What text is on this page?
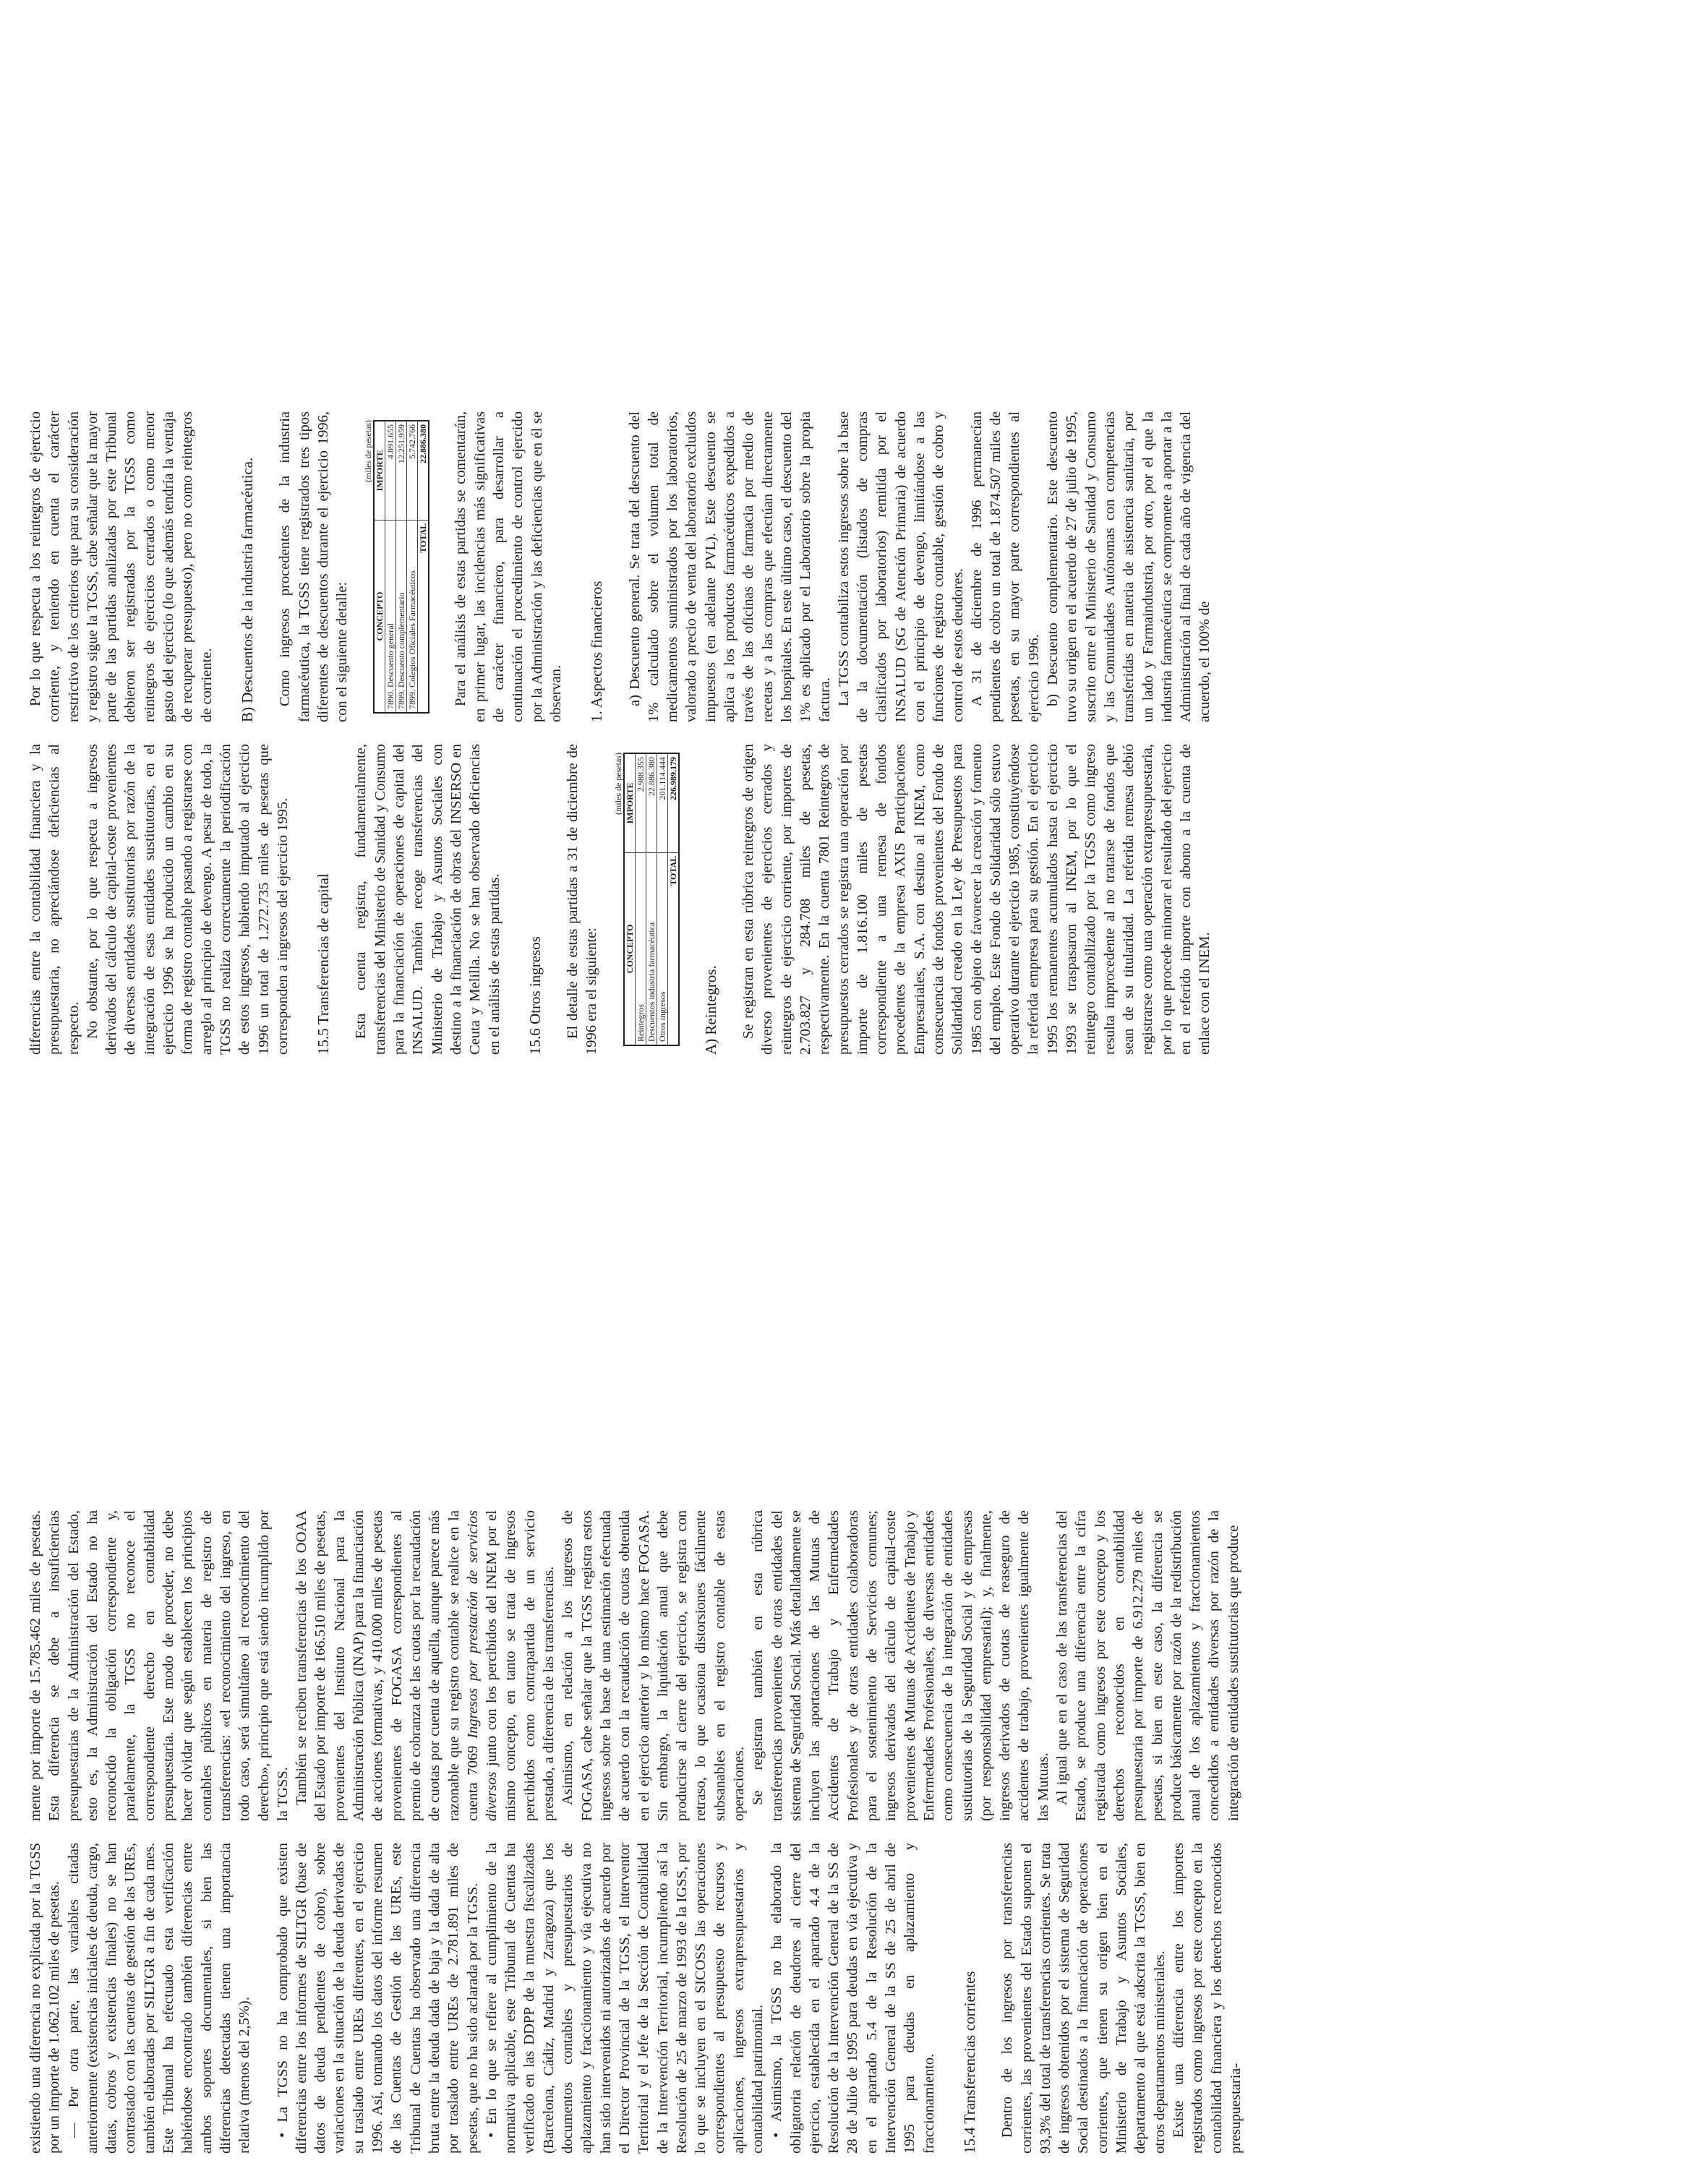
existiendo una diferencia no explicada por la TGSS por un importe de 1.062.102 miles de pesetas. — Por otra parte, las variables citadas anteriormente (existencias iniciales de deuda, cargo, datas, cobros y existencias finales) no se han contrastado con las cuentas de gestión de las UREs, también elaboradas por SILTGR a fin de cada mes. Este Tribunal ha efectuado esta verificación habiéndose encontrado también diferencias entre ambos soportes documentales, si bien las diferencias detectadas tienen una importancia relativa (menos del 2,5%). • La TGSS no ha comprobado que existen diferencias entre los informes de SILTGR (base de datos de deuda pendientes de cobro), sobre variaciones en la situación de la deuda derivadas de su traslado entre UREs diferentes, en el ejercicio 1996. Así, tomando los datos del informe resumen de las Cuentas de Gestión de las UREs, este Tribunal de Cuentas ha observado una diferencia bruta entre la deuda dada de baja y la dada de alta por traslado entre UREs de 2.781.891 miles de pesetas, que no ha sido aclarada por la TGSS. • En lo que se refiere al cumplimiento de la normativa aplicable, este Tribunal de Cuentas ha verificado en las DDPP de la muestra fiscalizadas (Barcelona, Cádiz, Madrid y Zaragoza) que los documentos contables y presupuestarios de aplazamiento y fraccionamiento y vía ejecutiva no han sido intervenidos ni autorizados de acuerdo por el Director Provincial de la TGSS, el Interventor Territorial y el Jefe de la Sección de Contabilidad de la Intervención Territorial, incumpliendo así la Resolución de 25 de marzo de 1993 de la IGSS, por lo que se incluyen en el SICOSS las operaciones correspondientes al presupuesto de recursos y aplicaciones, ingresos extrapresupuestarios y contabilidad patrimonial. • Asimismo, la TGSS no ha elaborado la obligatoria relación de deudores al cierre del ejercicio, establecida en el apartado 4.4 de la Resolución de la Intervención General de la SS de 28 de Julio de 1995 para deudas en vía ejecutiva y en el apartado 5.4 de la Resolución de la Intervención General de la SS de 25 de abril de 1995 para deudas en aplazamiento y fraccionamiento. 15.4 Transferencias corrientes Dentro de los ingresos por transferencias corrientes, las provenientes del Estado suponen el 93,3% del total de transferencias corrientes. Se trata de ingresos obtenidos por el sistema de Seguridad Social destinados a la financiación de operaciones corrientes, que tienen su origen bien en el Ministerio de Trabajo y Asuntos Sociales, departamento al que está adscrita la TGSS, bien en otros departamentos ministeriales. Existe una diferencia entre los importes registrados como ingresos por este concepto en la contabilidad financiera y los derechos reconocidos presupuestaria-

mente por importe de 15.785.462 miles de pesetas. Esta diferencia se debe a insuficiencias presupuestarias de la Administración del Estado, esto es, la Administración del Estado no ha reconocido la obligación correspondiente y, paralelamente, la TGSS no reconoce el correspondiente derecho en contabilidad presupuestaria. Este modo de proceder, no debe hacer olvidar que según establecen los principios contables públicos en materia de registro de transferencias: «el reconocimiento del ingreso, en todo caso, será simultáneo al reconocimiento del derecho», principio que está siendo incumplido por la TGSS. También se reciben transferencias de los OOAA del Estado por importe de 166.510 miles de pesetas, provenientes del Instituto Nacional para la Administración Pública (INAP) para la financiación de acciones formativas, y 410.000 miles de pesetas provenientes de FOGASA correspondientes al premio de cobranza de las cuotas por la recaudación de cuotas por cuenta de aquélla, aunque parece más razonable que su registro contable se realice en la cuenta 7069 Ingresos por prestación de servicios diversos junto con los percibidos del INEM por el mismo concepto, en tanto se trata de ingresos percibidos como contrapartida de un servicio prestado, a diferencia de las transferencias. Asimismo, en relación a los ingresos de FOGASA, cabe señalar que la TGSS registra estos ingresos sobre la base de una estimación efectuada de acuerdo con la recaudación de cuotas obtenida en el ejercicio anterior y lo mismo hace FOGASA. Sin embargo, la liquidación anual que debe producirse al cierre del ejercicio, se registra con retraso, lo que ocasiona distorsiones fácilmente subsanables en el registro contable de estas operaciones. Se registran también en esta rúbrica transferencias provenientes de otras entidades del sistema de Seguridad Social. Más detalladamente se incluyen las aportaciones de las Mutuas de Accidentes de Trabajo y Enfermedades Profesionales y de otras entidades colaboradoras para el sostenimiento de Servicios comunes; ingresos derivados del cálculo de capital-coste provenientes de Mutuas de Accidentes de Trabajo y Enfermedades Profesionales, de diversas entidades como consecuencia de la integración de entidades sustitutorias de la Seguridad Social y de empresas (por responsabilidad empresarial); y, finalmente, ingresos derivados de cuotas de reaseguro de accidentes de trabajo, provenientes igualmente de las Mutuas. Al igual que en el caso de las transferencias del Estado, se produce una diferencia entre la cifra registrada como ingresos por este concepto y los derechos reconocidos en contabilidad presupuestaria por importe de 6.912.279 miles de pesetas, si bien en este caso, la diferencia se produce básicamente por razón de la redistribución anual de los aplazamientos y fraccionamientos concedidos a entidades diversas por razón de la integración de entidades sustitutorias que produce

diferencias entre la contabilidad financiera y la presupuestaria, no apreciándose deficiencias al respecto. No obstante, por lo que respecta a ingresos derivados del cálculo de capital-coste provenientes de diversas entidades sustitutorias por razón de la integración de esas entidades sustitutorias, en el ejercicio 1996 se ha producido un cambio en su forma de registro contable pasando a registrarse con arreglo al principio de devengo. A pesar de todo, la TGSS no realiza correctamente la periodificación de estos ingresos, habiendo imputado al ejercicio 1996 un total de 1.272.735 miles de pesetas que corresponden a ingresos del ejercicio 1995. 15.5 Transferencias de capital Esta cuenta registra, fundamentalmente, transferencias del Ministerio de Sanidad y Consumo para la financiación de operaciones de capital del INSALUD. También recoge transferencias del Ministerio de Trabajo y Asuntos Sociales con destino a la financiación de obras del INSERSO en Ceuta y Melilla. No se han observado deficiencias en el análisis de estas partidas. 15.6 Otros ingresos El detalle de estas partidas a 31 de diciembre de 1996 era el siguiente:

(miles de pesetas)
CONCEPTO	IMPORTE
Reintegros	2.988.355
Descuentos industria farmacéutica	22.886.380
Otros ingresos	201.114.444
TOTAL	226.989.179
A) Reintegros. Se registran en esta rúbrica reintegros de origen diverso provenientes de ejercicios cerrados y reintegros de ejercicio corriente, por importes de 2.703.827 y 284.708 miles de pesetas, respectivamente. En la cuenta 7801 Reintegros de presupuestos cerrados se registra una operación por importe de 1.816.100 miles de pesetas correspondiente a una remesa de fondos procedentes de la empresa AXIS Participaciones Empresariales, S.A. con destino al INEM, como consecuencia de fondos provenientes del Fondo de Solidaridad creado en la Ley de Presupuestos para 1985 con objeto de favorecer la creación y fomento del empleo. Este Fondo de Solidaridad sólo estuvo operativo durante el ejercicio 1985, constituyéndose la referida empresa para su gestión. En el ejercicio 1995 los remanentes acumulados hasta el ejercicio 1993 se traspasaron al INEM, por lo que el reintegro contabilizado por la TGSS como ingreso resulta improcedente al no tratarse de fondos que sean de su titularidad. La referida remesa debió registrarse como una operación extrapresupuestaria, por lo que procede minorar el resultado del ejercicio en el referido importe con abono a la cuenta de enlace con el INEM.

Por lo que respecta a los reintegros de ejercicio corriente, y teniendo en cuenta el carácter restrictivo de los criterios que para su consideración y registro sigue la TGSS, cabe señalar que la mayor parte de las partidas analizadas por este Tribunal debieron ser registradas por la TGSS como reintegros de ejercicios cerrados o como menor gasto del ejercicio (lo que además tendría la ventaja de recuperar presupuesto), pero no como reintegros de corriente. B) Descuentos de la industria farmacéutica. Como ingresos procedentes de la industria farmacéutica, la TGSS tiene registrados tres tipos diferentes de descuentos durante el ejercicio 1996, con el siguiente detalle:

(miles de pesetas)
CONCEPTO	IMPORTE
7890. Descuento general	4.891.655
7899. Descuento complementario	12.251.959
7899. Colegios Oficiales Farmacéuticos	5.742.766
TOTAL	22.886.380 Para el análisis de estas partidas se comentarán, en primer lugar, las incidencias más significativas de carácter financiero, para desarrollar a continuación el procedimiento de control ejercido por la Administración y las deficiencias que en él se observan. 1. Aspectos financieros a) Descuento general. Se trata del descuento del 1% calculado sobre el volumen total de medicamentos suministrados por los laboratorios, valorado a precio de venta del laboratorio excluidos impuestos (en adelante PVL). Este descuento se aplica a los productos farmacéuticos expedidos a través de las oficinas de farmacia por medio de recetas y a las compras que efectúan directamente los hospitales. En este último caso, el descuento del 1% es aplicado por el Laboratorio sobre la propia factura. La TGSS contabiliza estos ingresos sobre la base de la documentación (listados de compras clasificados por laboratorios) remitida por el INSALUD (SG de Atención Primaria) de acuerdo con el principio de devengo, limitándose a las funciones de registro contable, gestión de cobro y control de estos deudores. A 31 de diciembre de 1996 permanecían pendientes de cobro un total de 1.874.507 miles de pesetas, en su mayor parte correspondientes al ejercicio 1996. b) Descuento complementario. Este descuento tuvo su origen en el acuerdo de 27 de julio de 1995, suscrito entre el Ministerio de Sanidad y Consumo y las Comunidades Autónomas con competencias transferidas en materia de asistencia sanitaria, por un lado y Farmaindustria, por otro, por el que la industria farmacéutica se compromete a aportar a la Administración al final de cada año de vigencia del acuerdo, el 100% de
